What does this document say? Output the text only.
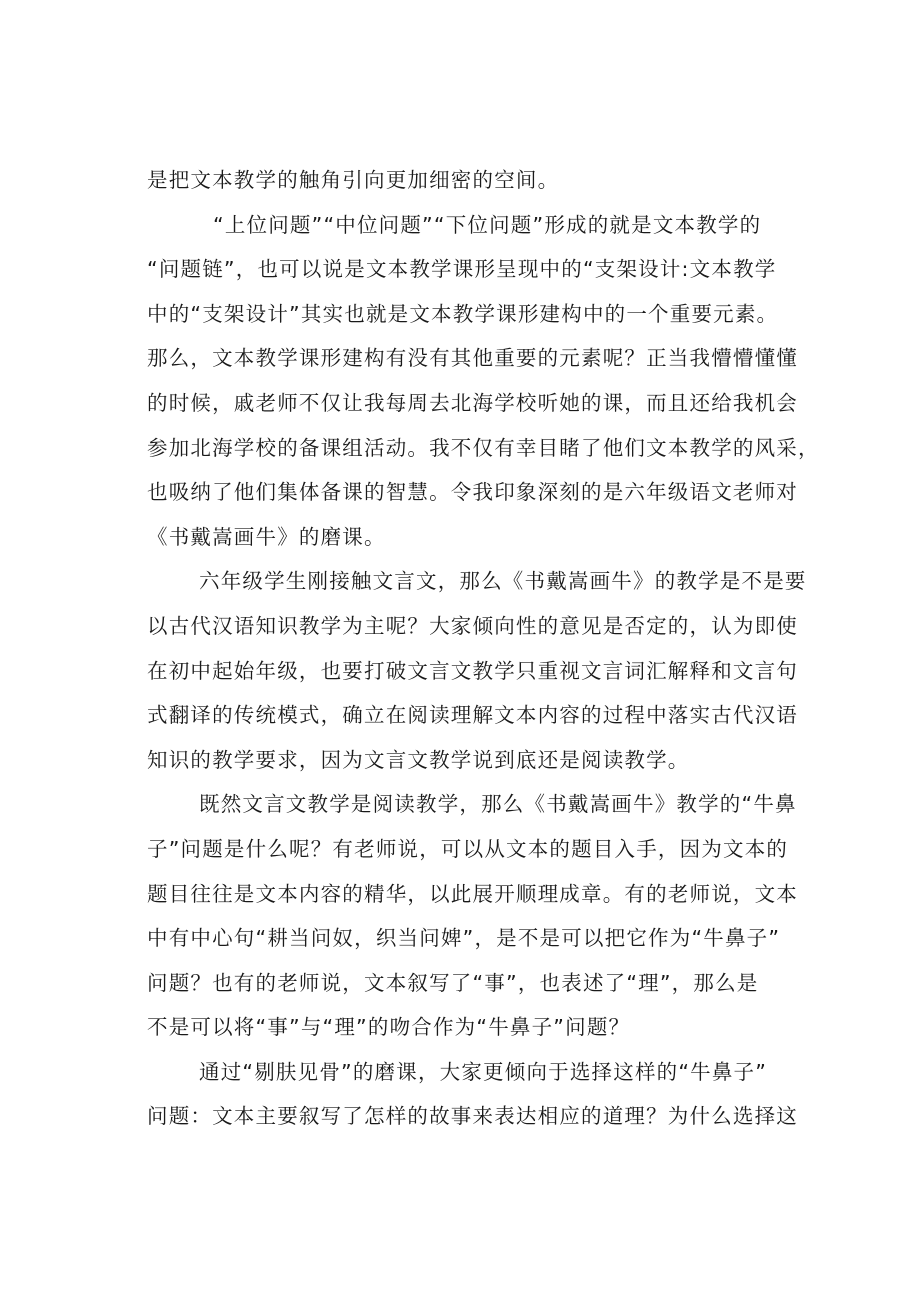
是把文本教学的触角引向更加细密的空间。
“上位问题”“中位问题”“下位问题”形成的就是文本教学的
“问题链”，也可以说是文本教学课形呈现中的“支架设计:文本教学
中的“支架设计”其实也就是文本教学课形建构中的一个重要元素。
那么，文本教学课形建构有没有其他重要的元素呢？正当我懵懵懂懂
的时候，戚老师不仅让我每周去北海学校听她的课，而且还给我机会
参加北海学校的备课组活动。我不仅有幸目睹了他们文本教学的风采，
也吸纳了他们集体备课的智慧。令我印象深刻的是六年级语文老师对
《书戴嵩画牛》的磨课。
六年级学生刚接触文言文，那么《书戴嵩画牛》的教学是不是要
以古代汉语知识教学为主呢？大家倾向性的意见是否定的，认为即使
在初中起始年级，也要打破文言文教学只重视文言词汇解释和文言句
式翻译的传统模式，确立在阅读理解文本内容的过程中落实古代汉语
知识的教学要求，因为文言文教学说到底还是阅读教学。
既然文言文教学是阅读教学，那么《书戴嵩画牛》教学的“牛鼻
子”问题是什么呢？有老师说，可以从文本的题目入手，因为文本的
题目往往是文本内容的精华，以此展开顺理成章。有的老师说，文本
中有中心句“耕当问奴，织当问婢”，是不是可以把它作为“牛鼻子”
问题？也有的老师说，文本叙写了“事”，也表述了“理”，那么是
不是可以将“事”与“理”的吻合作为“牛鼻子”问题？
通过“剔肤见骨”的磨课，大家更倾向于选择这样的“牛鼻子”
问题：文本主要叙写了怎样的故事来表达相应的道理？为什么选择这
